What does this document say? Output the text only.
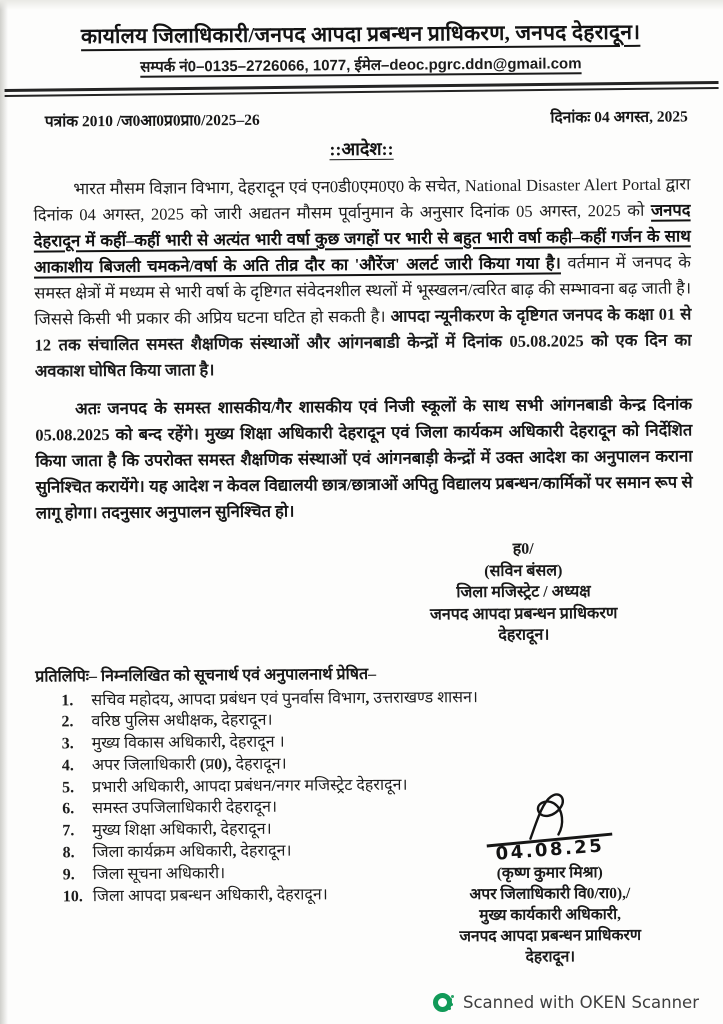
कार्यालय जिलाधिकारी/जनपद आपदा प्रबन्धन प्राधिकरण, जनपद देहरादून।
सम्पर्क नं0–0135–2726066, 1077, ईमेल–deoc.pgrc.ddn@gmail.com
पत्रांक 2010 /ज0आ0प्र0प्रा0/2025–26	दिनांकः 04 अगस्त, 2025
::आदेश::

भारत मौसम विज्ञान विभाग, देहरादून एवं एन0डी0एम0ए0 के सचेत, National Disaster Alert Portal द्वारा दिनांक 04 अगस्त, 2025 को जारी अद्यतन मौसम पूर्वानुमान के अनुसार दिनांक 05 अगस्त, 2025 को जनपद देहरादून में कहीं–कहीं भारी से अत्यंत भारी वर्षा कुछ जगहों पर भारी से बहुत भारी वर्षा कही–कहीं गर्जन के साथ आकाशीय बिजली चमकने/वर्षा के अति तीव्र दौर का 'औरेंज' अलर्ट जारी किया गया है। वर्तमान में जनपद के समस्त क्षेत्रों में मध्यम से भारी वर्षा के दृष्टिगत संवेदनशील स्थलों में भूस्खलन/त्वरित बाढ़ की सम्भावना बढ़ जाती है। जिससे किसी भी प्रकार की अप्रिय घटना घटित हो सकती है। आपदा न्यूनीकरण के दृष्टिगत जनपद के कक्षा 01 से 12 तक संचालित समस्त शैक्षणिक संस्थाओं और आंगनबाडी केन्द्रों में दिनांक 05.08.2025 को एक दिन का अवकाश घोषित किया जाता है।

अतः जनपद के समस्त शासकीय/गैर शासकीय एवं निजी स्कूलों के साथ सभी आंगनबाडी केन्द्र दिनांक 05.08.2025 को बन्द रहेंगे। मुख्य शिक्षा अधिकारी देहरादून एवं जिला कार्यकम अधिकारी देहरादून को निर्देशित किया जाता है कि उपरोक्त समस्त शैक्षणिक संस्थाओं एवं आंगनबाड़ी केन्द्रों में उक्त आदेश का अनुपालन कराना सुनिश्चित करायेंगे। यह आदेश न केवल विद्यालयी छात्र/छात्राओं अपितु विद्यालय प्रबन्धन/कार्मिकों पर समान रूप से लागू होगा। तदनुसार अनुपालन सुनिश्चित हो।

ह0/
(सविन बंसल)
जिला मजिस्ट्रेट / अध्यक्ष
जनपद आपदा प्रबन्धन प्राधिकरण
देहरादून।
प्रतिलिपिः– निम्नलिखित को सूचनार्थ एवं अनुपालनार्थ प्रेषित–
1.	सचिव महोदय, आपदा प्रबंधन एवं पुनर्वास विभाग, उत्तराखण्ड शासन।
2.	वरिष्ठ पुलिस अधीक्षक, देहरादून।
3.	मुख्य विकास अधिकारी, देहरादून ।
4.	अपर जिलाधिकारी (प्र0), देहरादून।
5.	प्रभारी अधिकारी, आपदा प्रबंधन/नगर मजिस्ट्रेट देहरादून।
6.	समस्त उपजिलाधिकारी देहरादून।
7.	मुख्य शिक्षा अधिकारी, देहरादून।
8.	जिला कार्यक्रम अधिकारी, देहरादून।
9.	जिला सूचना अधिकारी।
10. जिला आपदा प्रबन्धन अधिकारी, देहरादून।
04.08.25
(कृष्ण कुमार मिश्रा)
अपर जिलाधिकारी वि0/रा0),/
मुख्य कार्यकारी अधिकारी,
जनपद आपदा प्रबन्धन प्राधिकरण
देहरादून।
Scanned with OKEN Scanner
